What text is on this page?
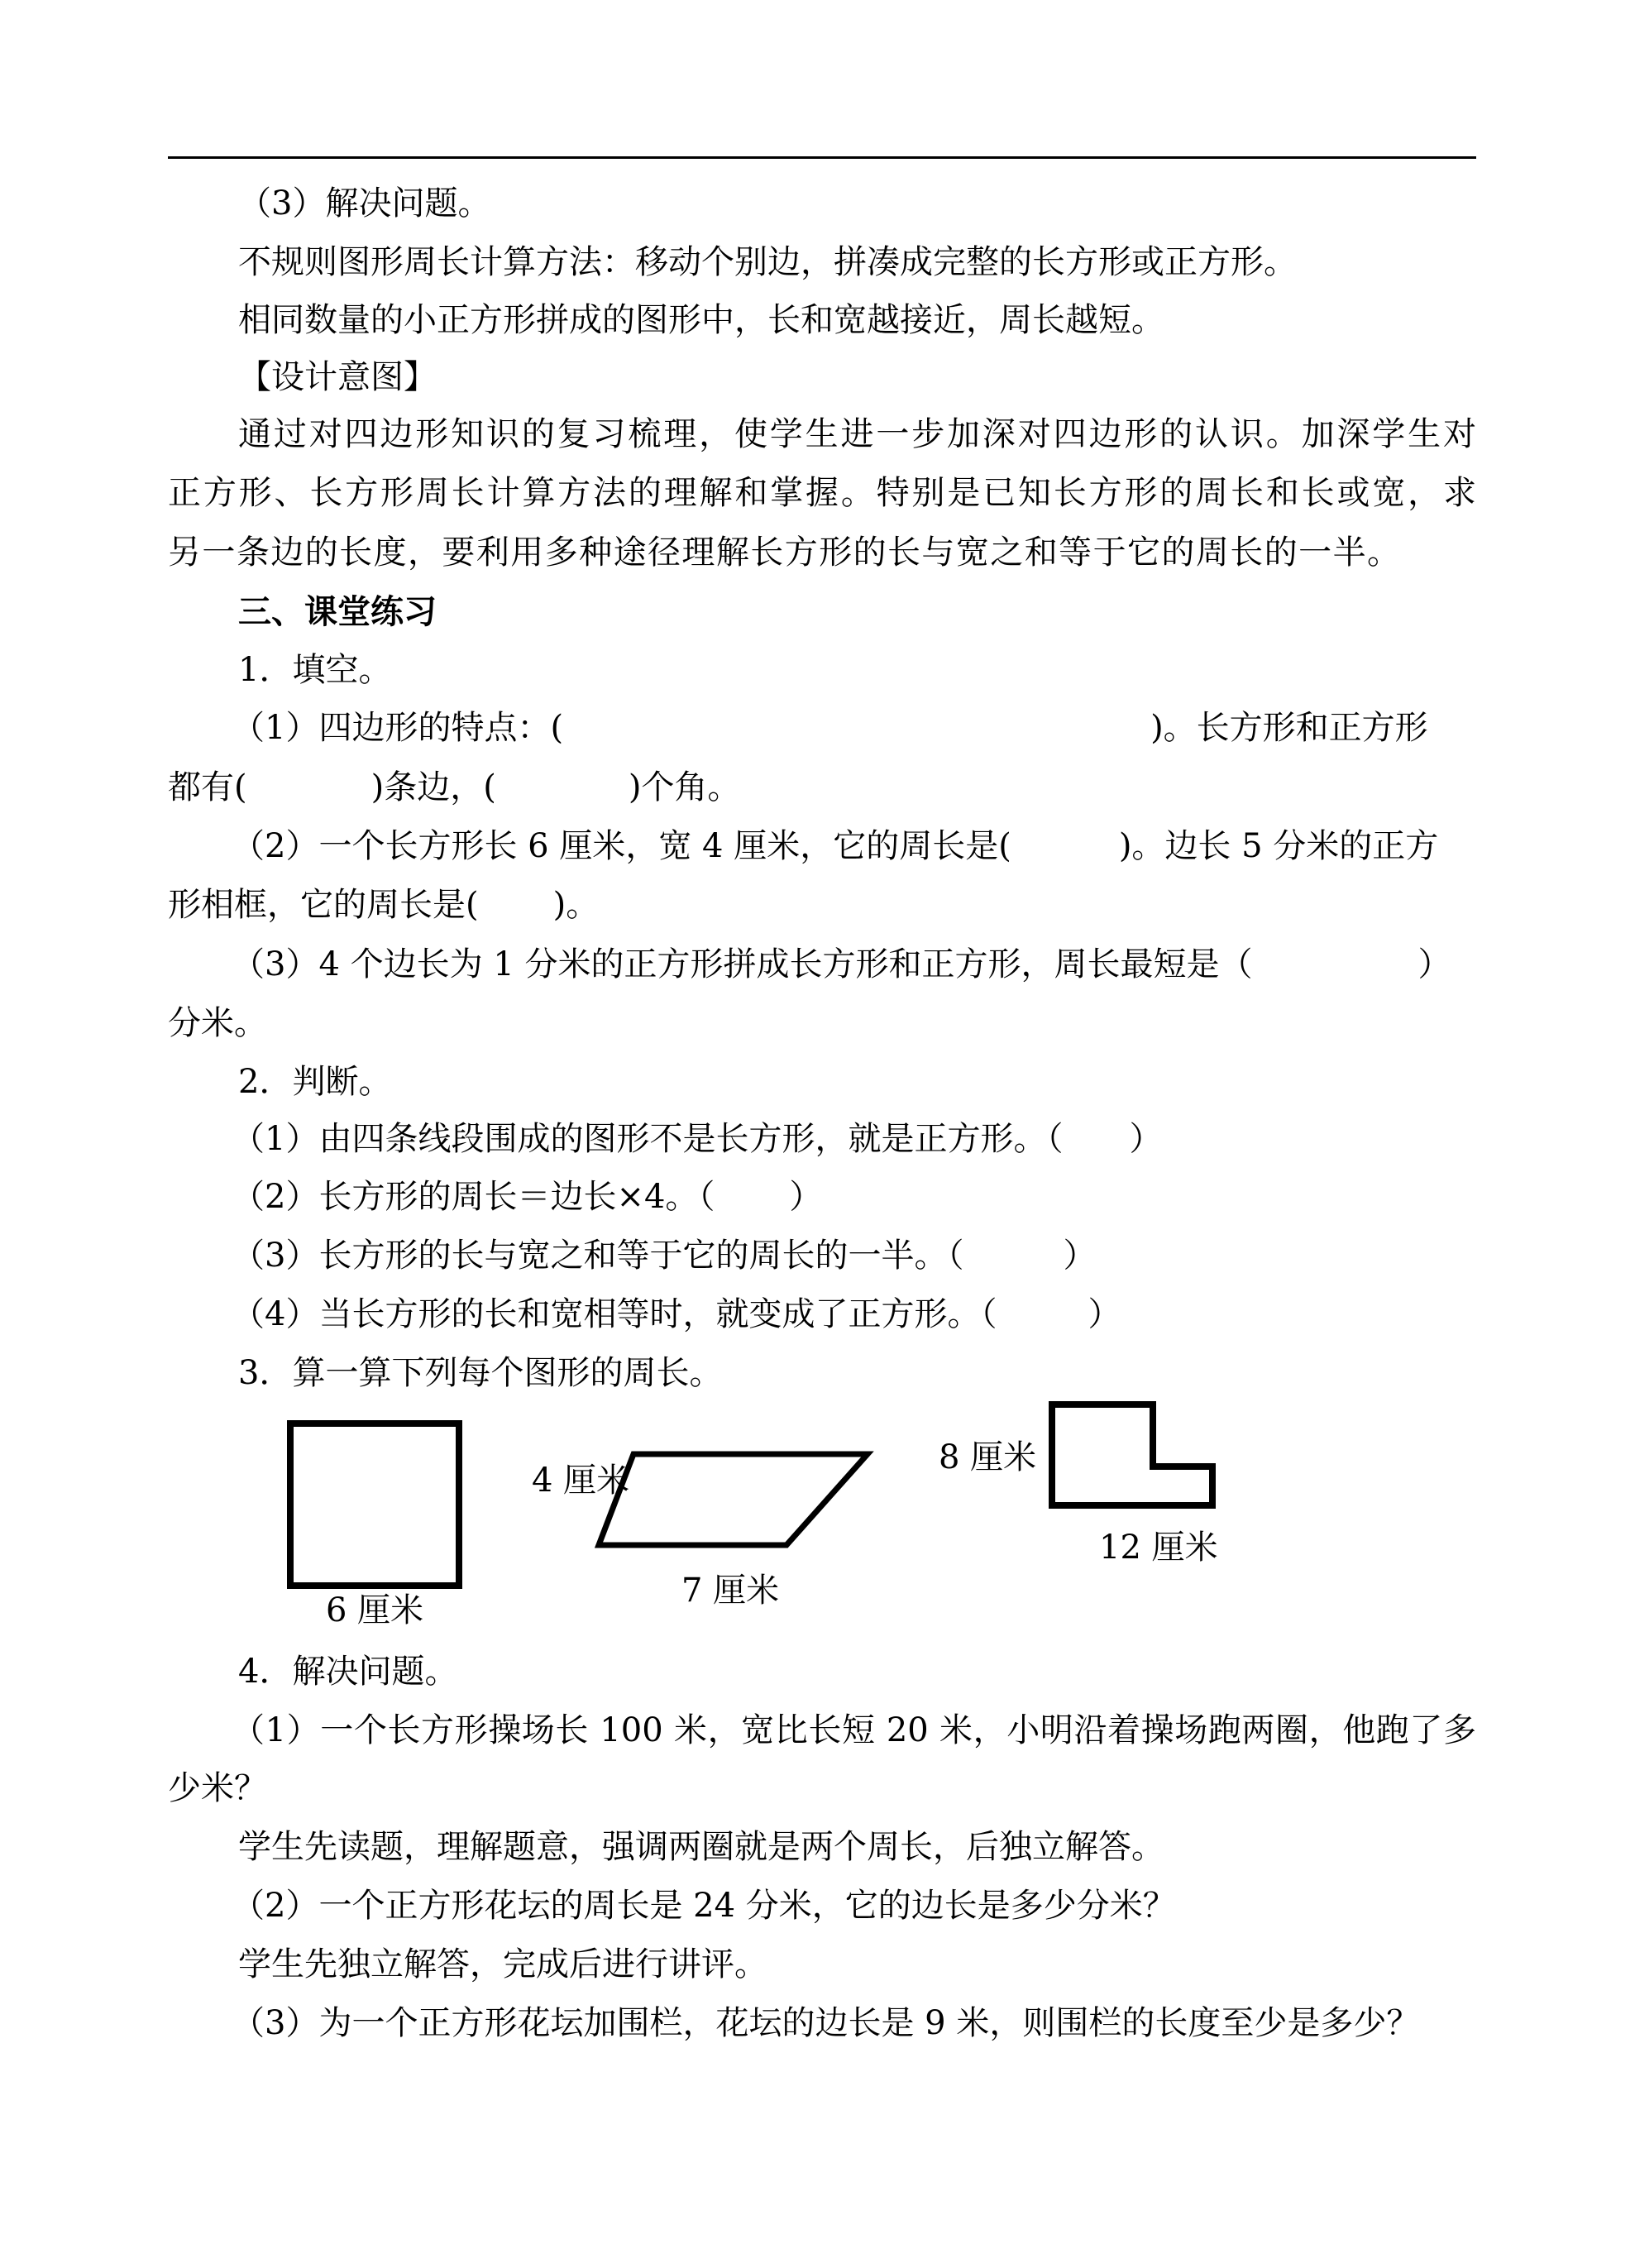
（3）解决问题。
不规则图形周长计算方法：移动个别边，拼凑成完整的长方形或正方形。
相同数量的小正方形拼成的图形中，长和宽越接近，周长越短。
【设计意图】
通过对四边形知识的复习梳理，使学生进一步加深对四边形的认识。加深学生对
正方形、长方形周长计算方法的理解和掌握。特别是已知长方形的周长和长或宽，求
另一条边的长度，要利用多种途径理解长方形的长与宽之和等于它的周长的一半。
三、课堂练习
1．填空。
（1）四边形的特点：(	)。长方形和正方形
都有(	)条边，(	)个角。
（2）一个长方形长 6 厘米，宽 4 厘米，它的周长是(	)。边长 5 分米的正方
形相框，它的周长是( )。
（3）4 个边长为 1 分米的正方形拼成长方形和正方形，周长最短是（	）
分米。
2．判断。
（1）由四条线段围成的图形不是长方形，就是正方形。（ ）
（2）长方形的周长＝边长×4。（ ）
（3）长方形的长与宽之和等于它的周长的一半。（	）
（4）当长方形的长和宽相等时，就变成了正方形。（	）
3．算一算下列每个图形的周长。
6 厘米
4 厘米
7 厘米
8 厘米
12 厘米
4．解决问题。
（1）一个长方形操场长 100 米，宽比长短 20 米，小明沿着操场跑两圈，他跑了多
少米？
学生先读题，理解题意，强调两圈就是两个周长，后独立解答。
（2）一个正方形花坛的周长是 24 分米，它的边长是多少分米？
学生先独立解答，完成后进行讲评。
（3）为一个正方形花坛加围栏，花坛的边长是 9 米，则围栏的长度至少是多少？
